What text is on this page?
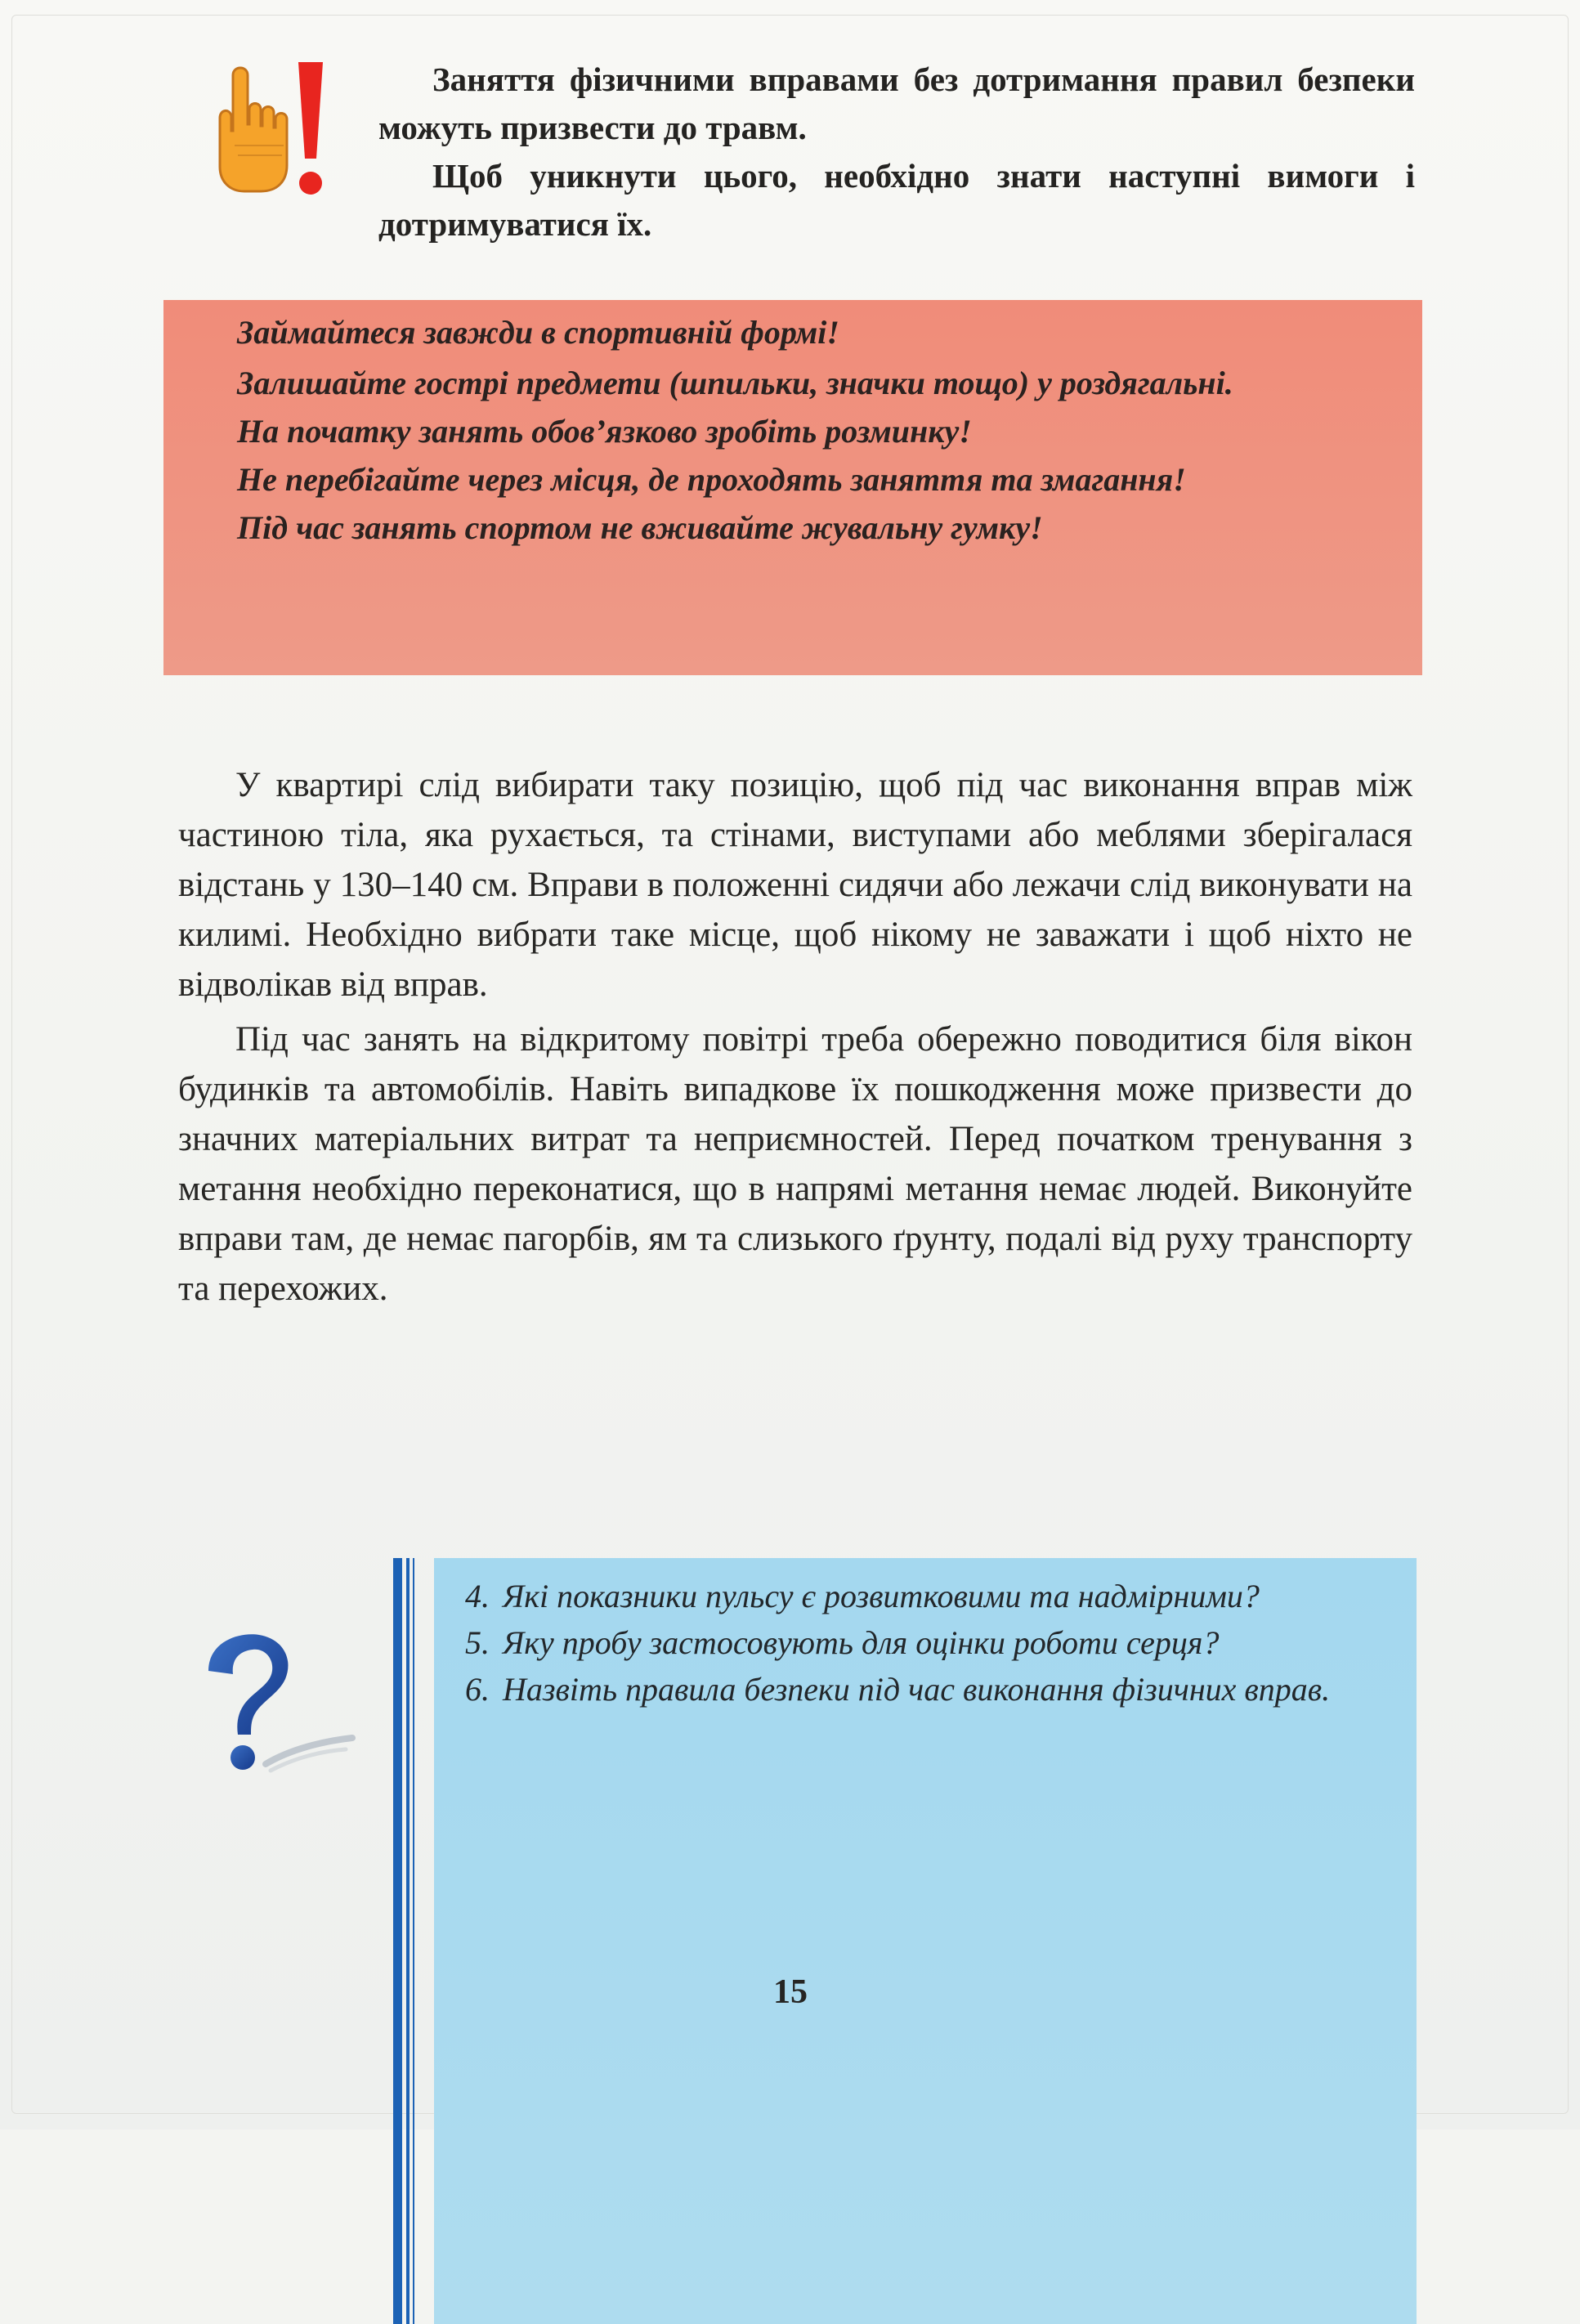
Заняття фізичними вправами без дотримання правил безпеки можуть призвести до травм.

Щоб уникнути цього, необхідно знати наступні вимоги і дотримуватися їх.

Займайтеся завжди в спортивній формі!
Залишайте гострі предмети (шпильки, значки тощо) у роздягальні.
На початку занять обов’язково зробіть розминку!
Не перебігайте через місця, де проходять заняття та змагання!
Під час занять спортом не вживайте жувальну гумку!

У квартирі слід вибирати таку позицію, щоб під час виконання вправ між частиною тіла, яка рухається, та стінами, виступами або меблями зберігалася відстань у 130–140 см. Вправи в положенні сидячи або лежачи слід виконувати на килимі. Необхідно вибрати таке місце, щоб нікому не заважати і щоб ніхто не відволікав від вправ.

Під час занять на відкритому повітрі треба обережно поводитися біля вікон будинків та автомобілів. Навіть випадкове їх пошкодження може призвести до значних матеріальних витрат та неприємностей. Перед початком тренування з метання необхідно переконатися, що в напрямі метання немає людей. Виконуйте вправи там, де немає пагорбів, ям та слизького ґрунту, подалі від руху транспорту та перехожих.

4. Які показники пульсу є розвитковими та надмірними?
5. Яку пробу застосовують для оцінки роботи серця?
6. Назвіть правила безпеки під час виконання фізичних вправ.
15
